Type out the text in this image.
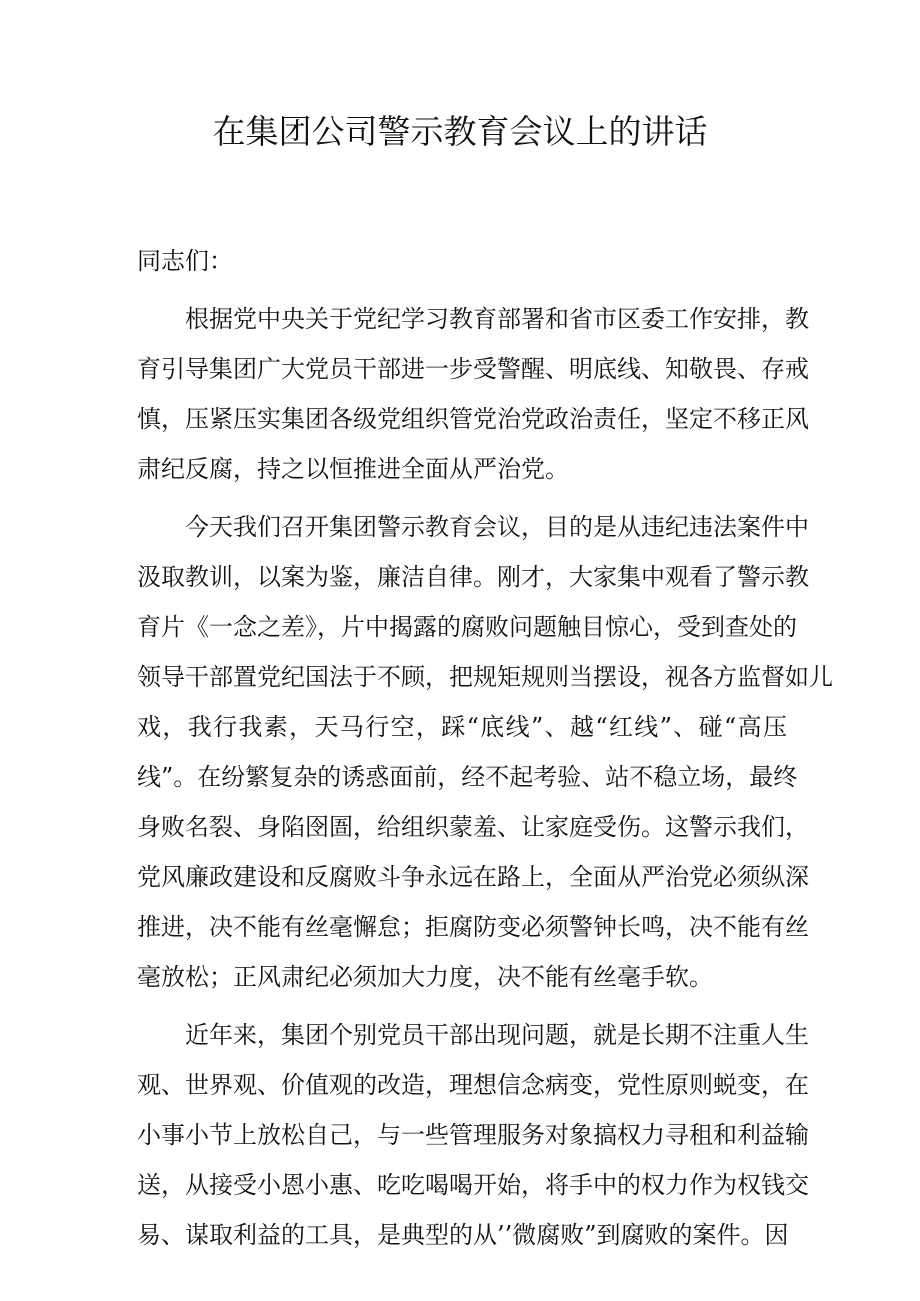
在集团公司警示教育会议上的讲话
同志们：
根据党中央关于党纪学习教育部署和省市区委工作安排，教
育引导集团广大党员干部进一步受警醒、明底线、知敬畏、存戒
慎，压紧压实集团各级党组织管党治党政治责任，坚定不移正风
肃纪反腐，持之以恒推进全面从严治党。
今天我们召开集团警示教育会议，目的是从违纪违法案件中
汲取教训，以案为鉴，廉洁自律。刚才，大家集中观看了警示教
育片《一念之差》，片中揭露的腐败问题触目惊心，受到查处的
领导干部置党纪国法于不顾，把规矩规则当摆设，视各方监督如儿
戏，我行我素，天马行空，踩“底线”、越“红线”、碰“高压
线”。在纷繁复杂的诱惑面前，经不起考验、站不稳立场，最终
身败名裂、身陷囹圄，给组织蒙羞、让家庭受伤。这警示我们，
党风廉政建设和反腐败斗争永远在路上，全面从严治党必须纵深
推进，决不能有丝毫懈怠；拒腐防变必须警钟长鸣，决不能有丝
毫放松；正风肃纪必须加大力度，决不能有丝毫手软。
近年来，集团个别党员干部出现问题，就是长期不注重人生
观、世界观、价值观的改造，理想信念病变，党性原则蜕变，在
小事小节上放松自己，与一些管理服务对象搞权力寻租和利益输
送，从接受小恩小惠、吃吃喝喝开始，将手中的权力作为权钱交
易、谋取利益的工具，是典型的从’’微腐败”到腐败的案件。因
